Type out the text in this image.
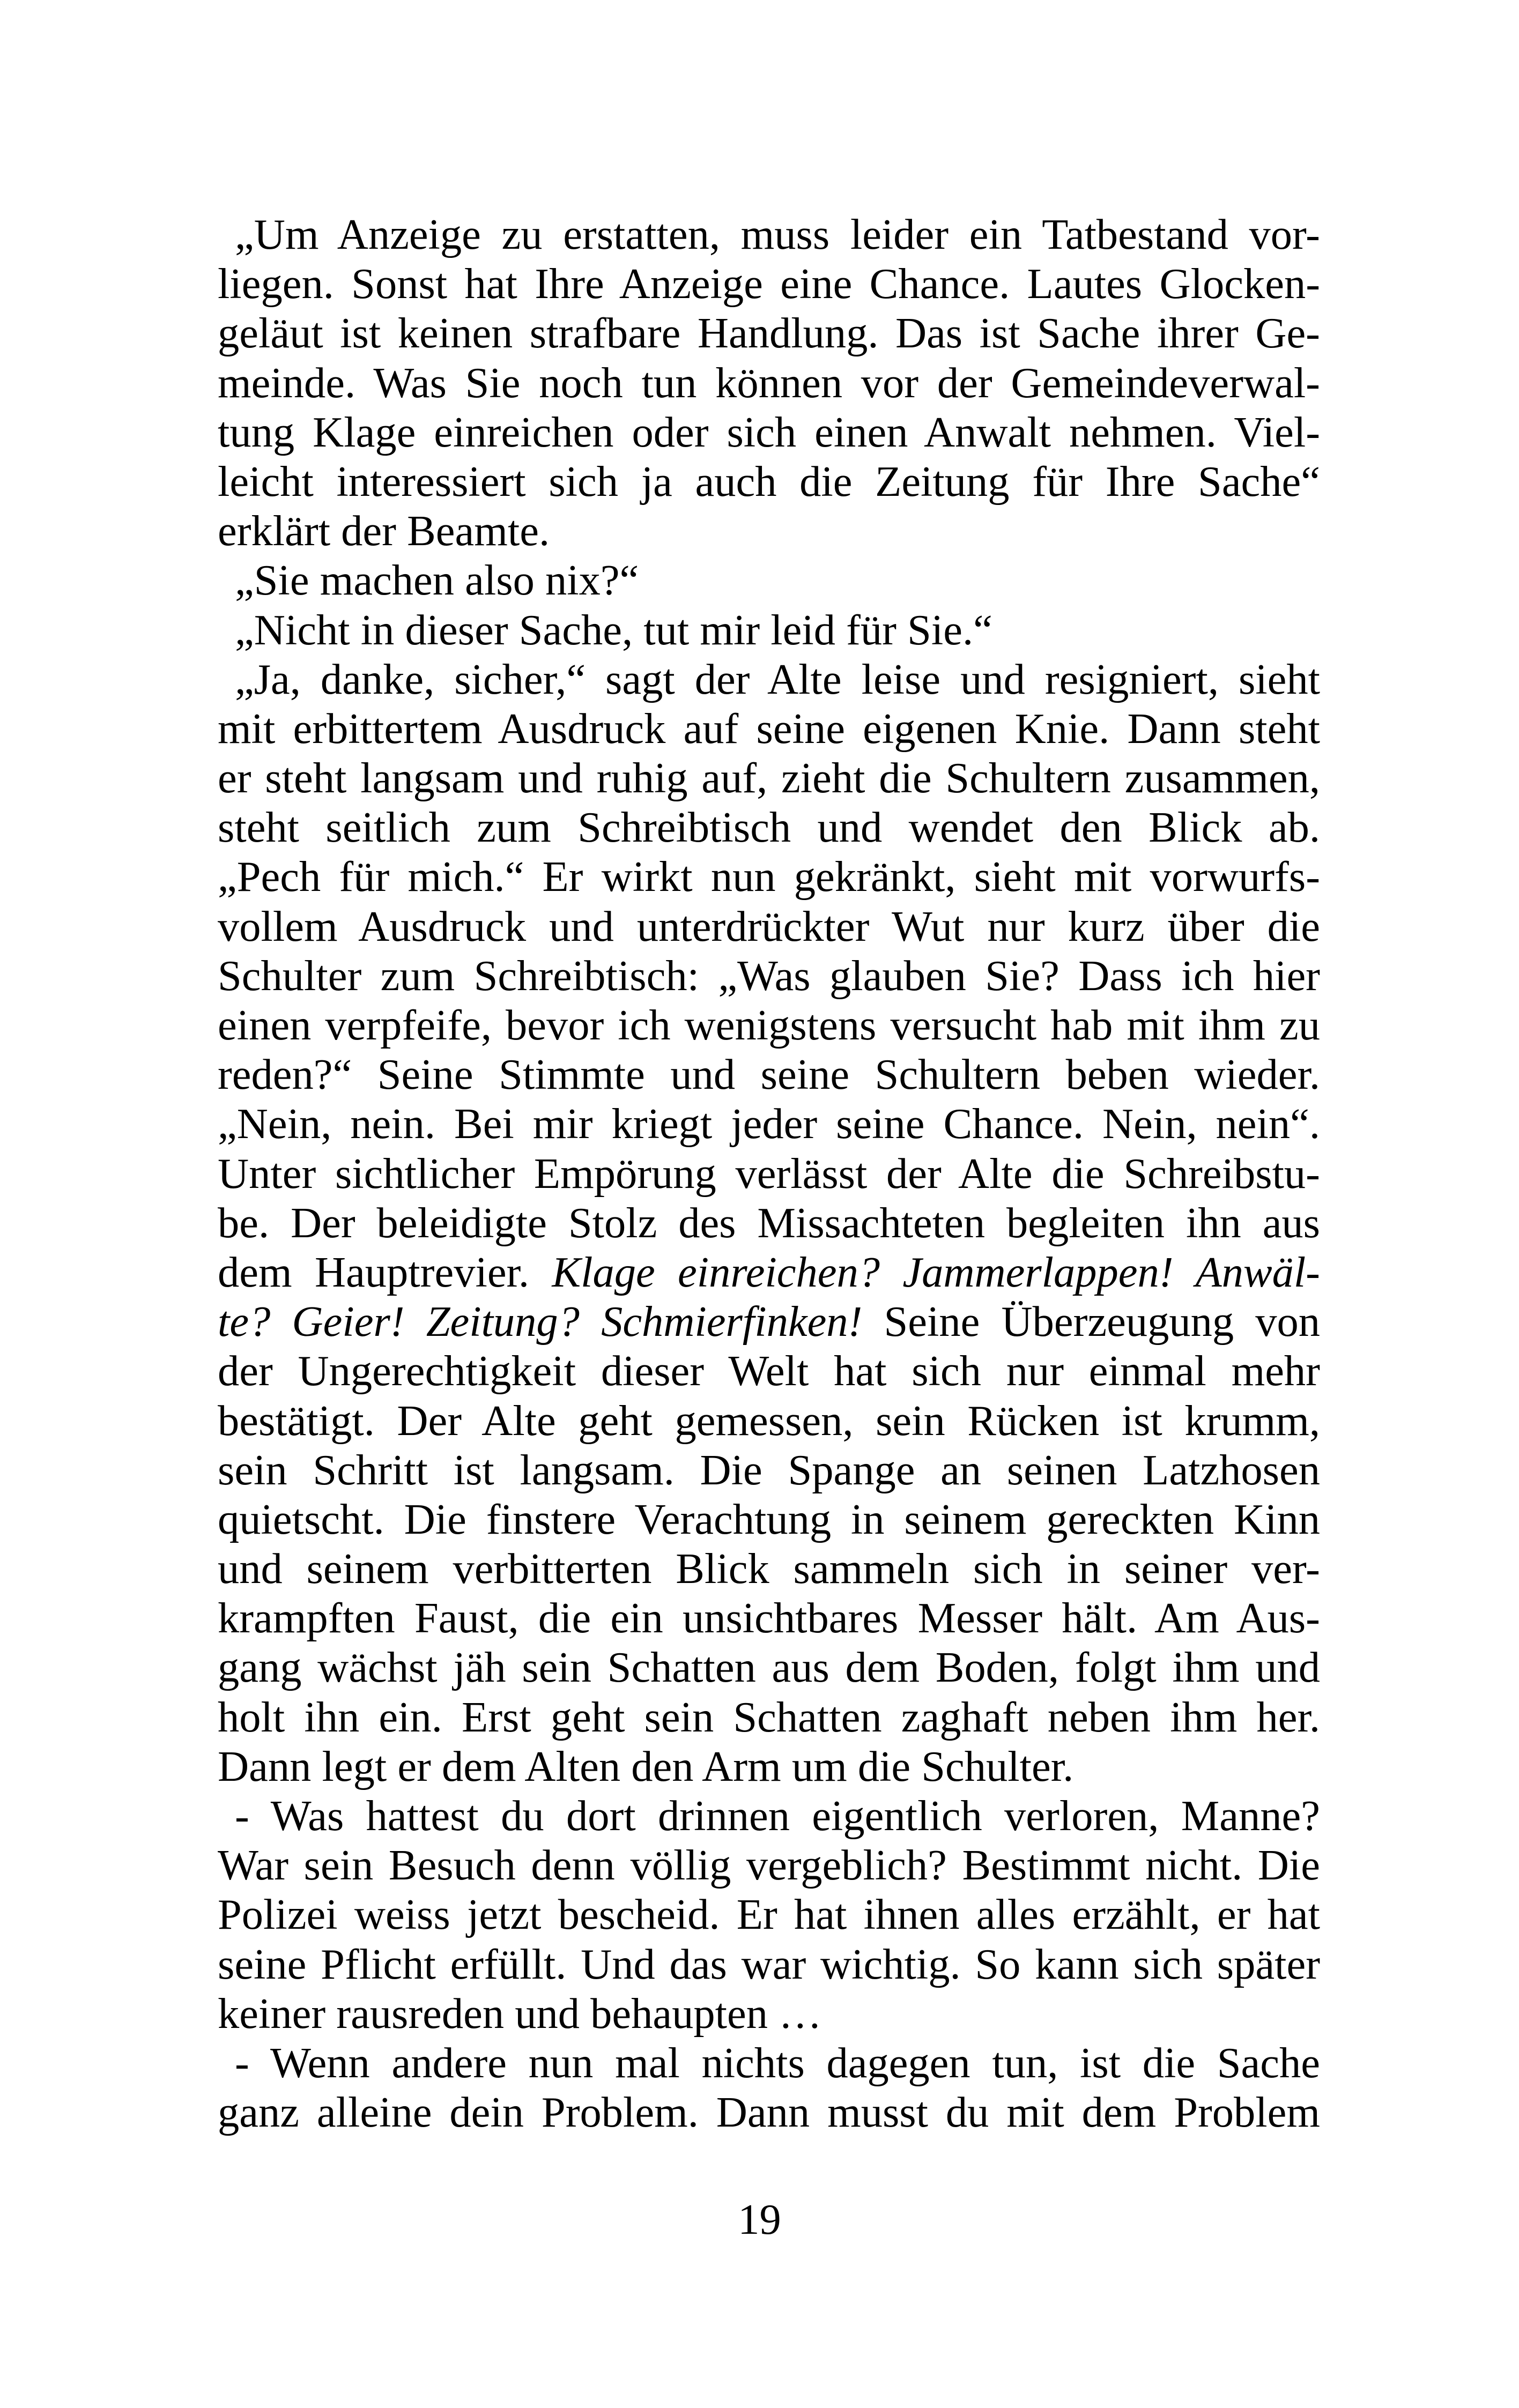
„Um Anzeige zu erstatten, muss leider ein Tatbestand vor-
liegen. Sonst hat Ihre Anzeige eine Chance. Lautes Glocken-
geläut ist keinen strafbare Handlung. Das ist Sache ihrer Ge-
meinde. Was Sie noch tun können vor der Gemeindeverwal-
tung Klage einreichen oder sich einen Anwalt nehmen. Viel-
leicht interessiert sich ja auch die Zeitung für Ihre Sache“
erklärt der Beamte.
„Sie machen also nix?“
„Nicht in dieser Sache, tut mir leid für Sie.“
„Ja, danke, sicher,“ sagt der Alte leise und resigniert, sieht
mit erbittertem Ausdruck auf seine eigenen Knie. Dann steht
er steht langsam und ruhig auf, zieht die Schultern zusammen,
steht seitlich zum Schreibtisch und wendet den Blick ab.
„Pech für mich.“ Er wirkt nun gekränkt, sieht mit vorwurfs-
vollem Ausdruck und unterdrückter Wut nur kurz über die
Schulter zum Schreibtisch: „Was glauben Sie? Dass ich hier
einen verpfeife, bevor ich wenigstens versucht hab mit ihm zu
reden?“ Seine Stimmte und seine Schultern beben wieder.
„Nein, nein. Bei mir kriegt jeder seine Chance. Nein, nein“.
Unter sichtlicher Empörung verlässt der Alte die Schreibstu-
be. Der beleidigte Stolz des Missachteten begleiten ihn aus
dem Hauptrevier. Klage einreichen? Jammerlappen! Anwäl-
te? Geier! Zeitung? Schmierfinken! Seine Überzeugung von
der Ungerechtigkeit dieser Welt hat sich nur einmal mehr
bestätigt. Der Alte geht gemessen, sein Rücken ist krumm,
sein Schritt ist langsam. Die Spange an seinen Latzhosen
quietscht. Die finstere Verachtung in seinem gereckten Kinn
und seinem verbitterten Blick sammeln sich in seiner ver-
krampften Faust, die ein unsichtbares Messer hält. Am Aus-
gang wächst jäh sein Schatten aus dem Boden, folgt ihm und
holt ihn ein. Erst geht sein Schatten zaghaft neben ihm her.
Dann legt er dem Alten den Arm um die Schulter.
- Was hattest du dort drinnen eigentlich verloren, Manne?
War sein Besuch denn völlig vergeblich? Bestimmt nicht. Die
Polizei weiss jetzt bescheid. Er hat ihnen alles erzählt, er hat
seine Pflicht erfüllt. Und das war wichtig. So kann sich später
keiner rausreden und behaupten …
- Wenn andere nun mal nichts dagegen tun, ist die Sache
ganz alleine dein Problem. Dann musst du mit dem Problem
19
